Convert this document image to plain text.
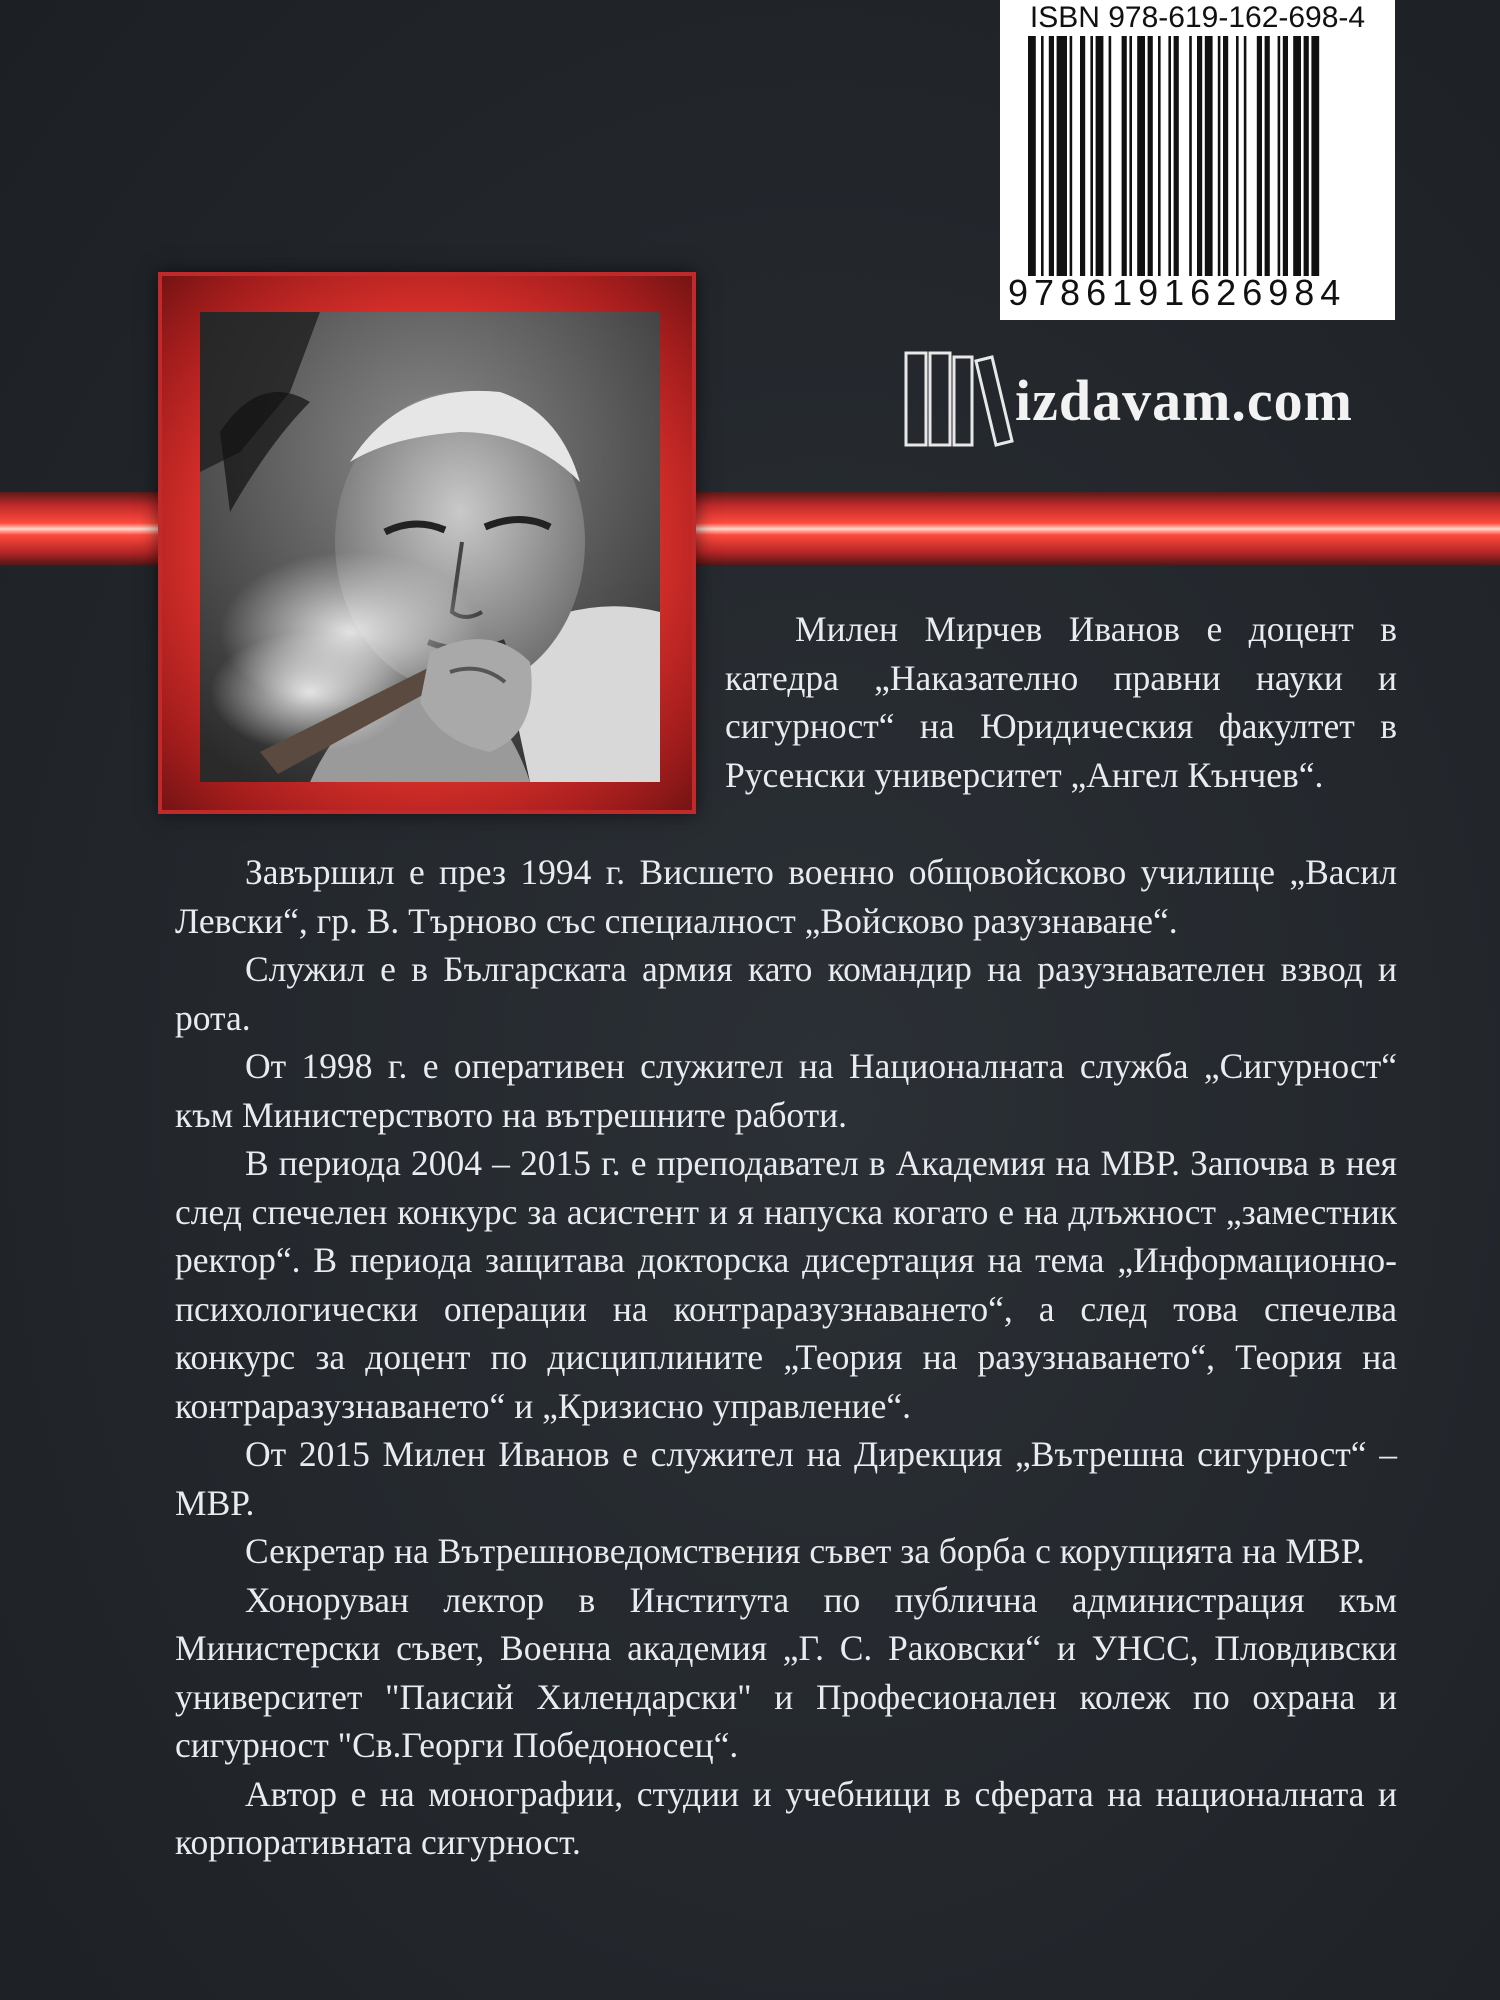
ISBN 978-619-162-698-4
9786191626984
izdavam.com

Милен Мирчев Иванов е доцент в катедра „Наказателно правни науки и сигурност“ на Юридическия факултет в Русенски университет „Ангел Кънчев“.

Завършил е през 1994 г. Висшето военно общовойсково училище „Васил Левски“, гр. В. Търново със специалност „Войсково разузнаване“.

Служил е в Българската армия като командир на разузнавателен взвод и рота.

От 1998 г. е оперативен служител на Националната служба „Сигурност“ към Министерството на вътрешните работи.

В периода 2004 – 2015 г. е преподавател в Академия на МВР. Започва в нея след спечелен конкурс за асистент и я напуска когато е на длъжност „заместник ректор“. В периода защитава докторска дисертация на тема „Информационно-психологически операции на контраразузнаването“, а след това спечелва конкурс за доцент по дисциплините „Теория на разузнаването“, Теория на контраразузнаването“ и „Кризисно управление“.

От 2015 Милен Иванов е служител на Дирекция „Вътрешна сигурност“ – МВР.

Секретар на Вътрешноведомствения съвет за борба с корупцията на МВР.

Хоноруван лектор в Института по публична администрация към Министерски съвет, Военна академия „Г. С. Раковски“ и УНСС, Пловдивски университет "Паисий Хилендарски" и Професионален колеж по охрана и сигурност "Св.Георги Победоносец“.

Автор е на монографии, студии и учебници в сферата на националната и корпоративната сигурност.
